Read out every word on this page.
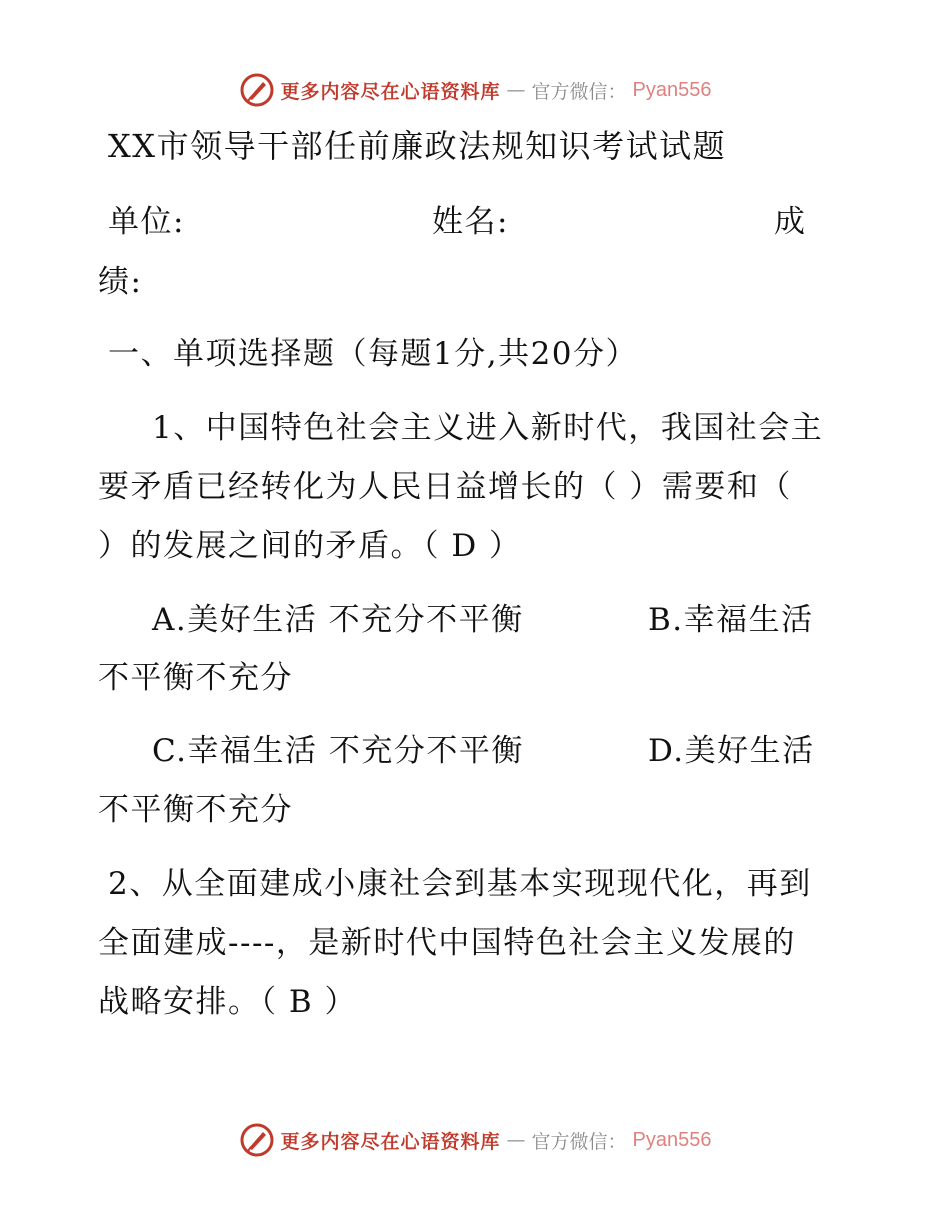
更多内容尽在心语资料库 — 官方微信： Pyan556
XX市领导干部任前廉政法规知识考试试题
单位:	姓名:	成
绩:
一、单项选择题（每题1分,共20分）
1、中国特色社会主义进入新时代，我国社会主
要矛盾已经转化为人民日益增长的（ ）需要和（
）的发展之间的矛盾。（ D ）
A.美好生活 不充分不平衡	B.幸福生活
不平衡不充分
C.幸福生活 不充分不平衡	D.美好生活
不平衡不充分
2、从全面建成小康社会到基本实现现代化，再到
全面建成----，是新时代中国特色社会主义发展的
战略安排。（ B ）
更多内容尽在心语资料库 — 官方微信： Pyan556
